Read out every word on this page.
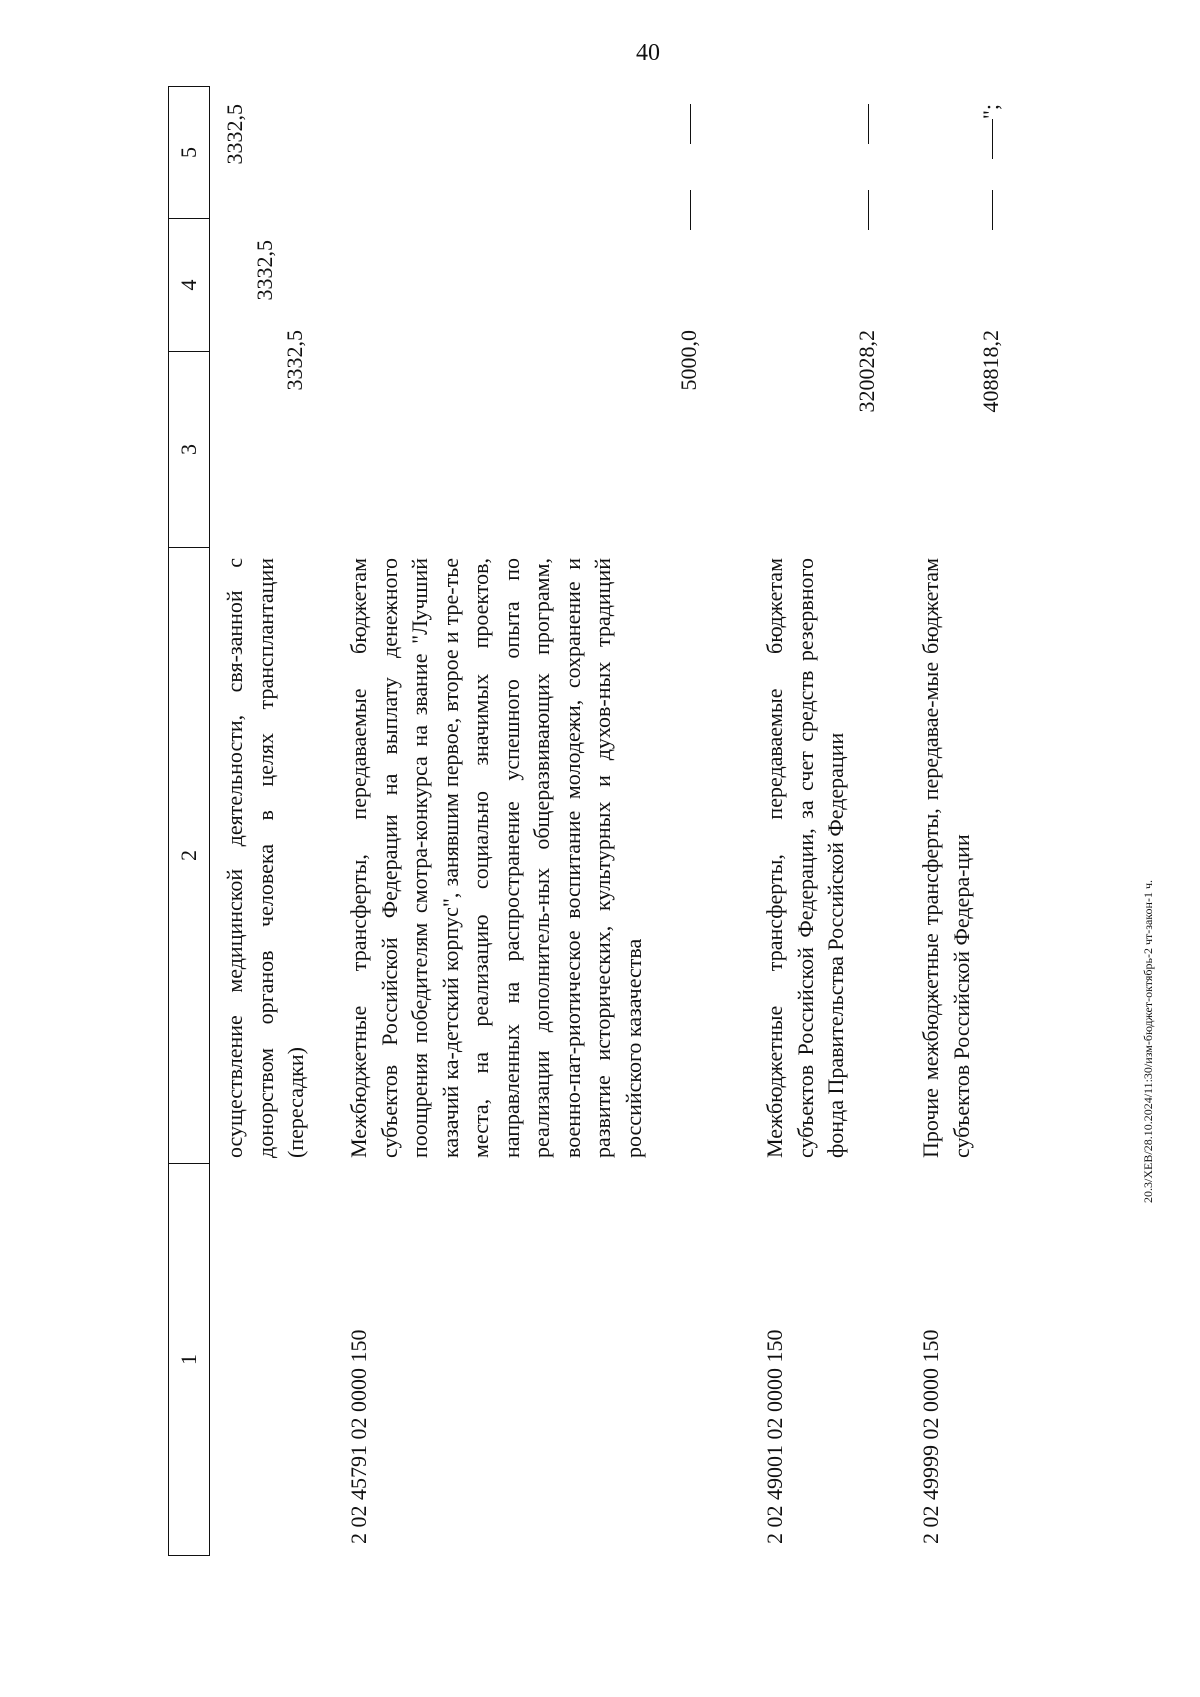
40
20.3/ХЕВ/28.10.2024/11:30/изм-бюджет-октябрь-2 чт-закон-1 ч.
1
2
3
4
5
осуществление медицинской деятельности, свя-занной с донорством органов человека в целях трансплантации (пересадки)
3332,5
3332,5
3332,5
2 02 45791 02 0000 150
Межбюджетные трансферты, передаваемые бюджетам субъектов Российской Федерации на выплату денежного поощрения победителям смотра-конкурса на звание "Лучший казачий ка-детский корпус", занявшим первое, второе и тре-тье места, на реализацию социально значимых проектов, направленных на распространение успешного опыта по реализации дополнитель-ных общеразвивающих программ, военно-пат-риотическое воспитание молодежи, сохранение и развитие исторических, культурных и духов-ных традиций российского казачества
5000,0
2 02 49001 02 0000 150
Межбюджетные трансферты, передаваемые бюджетам субъектов Российской Федерации, за счет средств резервного фонда Правительства Российской Федерации
320028,2
2 02 49999 02 0000 150
Прочие межбюджетные трансферты, передавае-мые бюджетам субъектов Российской Федера-ции
408818,2
";
